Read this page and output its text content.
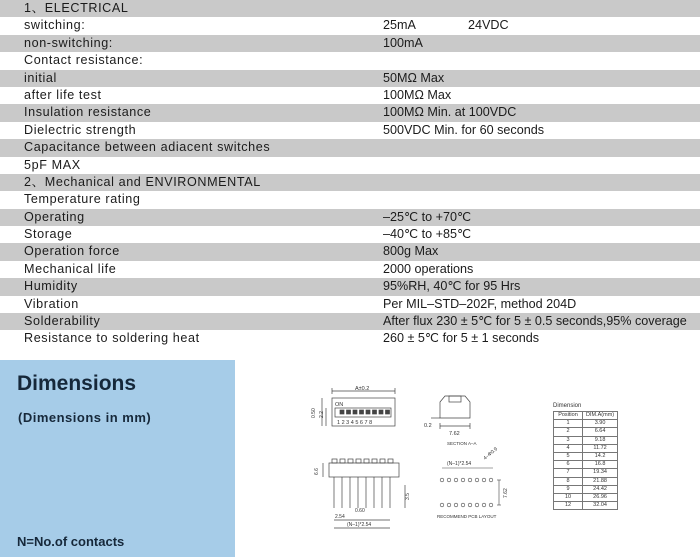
1、ELECTRICAL
switching:	25mA	24VDC
non-switching:	100mA
Contact resistance:
initial	50MΩ Max
after life test	100MΩ Max
Insulation resistance	100MΩ Min. at 100VDC
Dielectric strength	500VDC Min. for 60 seconds
Capacitance between adiacent switches
5pF MAX
2、Mechanical and ENVIRONMENTAL
Temperature rating
Operating	–25℃ to +70℃
Storage	–40℃ to +85℃
Operation force	800g Max
Mechanical life	2000 operations
Humidity	95%RH, 40℃ for 95 Hrs
Vibration	Per MIL–STD–202F, method 204D
Solderability	After flux 230 ± 5℃ for 5 ± 0.5 seconds,95% coverage
Resistance to soldering heat	260 ± 5℃ for 5 ± 1 seconds
Dimensions
(Dimensions in mm)
N=No.of contacts
A±0.2
ON
1 2 3 4 5 6 7 8
0.50 2.2
7.62
0.2
SECTION A–A
6.6
0.60
2.54
(N–1)*2.54
3.5
(N–1)*2.54
4–Φ0.9
7.62
RECOMMEND PCB LAYOUT
Dimension
Position	DIM.A(mm)
1	3.90
2	6.64
3	9.18
4	11.72
5	14.2
6	16.8
7	19.34
8	21.88
9	24.42
10	26.96
12	32.04
